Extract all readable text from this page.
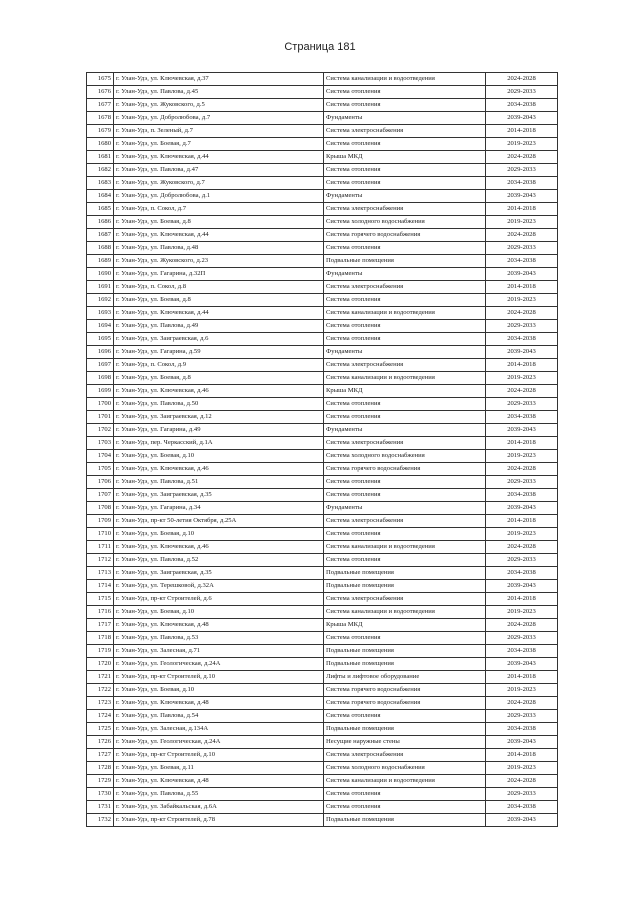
Страница 181
1675	г. Улан-Удэ, ул. Ключевская, д.37	Система канализации и водоотведения	2024-2028
1676	г. Улан-Удэ, ул. Павлова, д.45	Система отопления	2029-2033
1677	г. Улан-Удэ, ул. Жуковского, д.5	Система отопления	2034-2038
1678	г. Улан-Удэ, ул. Добролюбова, д.7	Фундаменты	2039-2043
1679	г. Улан-Удэ, п. Зеленый, д.7	Система электроснабжения	2014-2018
1680	г. Улан-Удэ, ул. Боевая, д.7	Система отопления	2019-2023
1681	г. Улан-Удэ, ул. Ключевская, д.44	Крыша МКД	2024-2028
1682	г. Улан-Удэ, ул. Павлова, д.47	Система отопления	2029-2033
1683	г. Улан-Удэ, ул. Жуковского, д.7	Система отопления	2034-2038
1684	г. Улан-Удэ, ул. Добролюбова, д.1	Фундаменты	2039-2043
1685	г. Улан-Удэ, п. Сокол, д.7	Система электроснабжения	2014-2018
1686	г. Улан-Удэ, ул. Боевая, д.8	Система холодного водоснабжения	2019-2023
1687	г. Улан-Удэ, ул. Ключевская, д.44	Система горячего водоснабжения	2024-2028
1688	г. Улан-Удэ, ул. Павлова, д.48	Система отопления	2029-2033
1689	г. Улан-Удэ, ул. Жуковского, д.23	Подвальные помещения	2034-2038
1690	г. Улан-Удэ, ул. Гагарина, д.32П	Фундаменты	2039-2043
1691	г. Улан-Удэ, п. Сокол, д.8	Система электроснабжения	2014-2018
1692	г. Улан-Удэ, ул. Боевая, д.8	Система отопления	2019-2023
1693	г. Улан-Удэ, ул. Ключевская, д.44	Система канализации и водоотведения	2024-2028
1694	г. Улан-Удэ, ул. Павлова, д.49	Система отопления	2029-2033
1695	г. Улан-Удэ, ул. Заиграевская, д.6	Система отопления	2034-2038
1696	г. Улан-Удэ, ул. Гагарина, д.59	Фундаменты	2039-2043
1697	г. Улан-Удэ, п. Сокол, д.9	Система электроснабжения	2014-2018
1698	г. Улан-Удэ, ул. Боевая, д.8	Система канализации и водоотведения	2019-2023
1699	г. Улан-Удэ, ул. Ключевская, д.46	Крыша МКД	2024-2028
1700	г. Улан-Удэ, ул. Павлова, д.50	Система отопления	2029-2033
1701	г. Улан-Удэ, ул. Заиграевская, д.12	Система отопления	2034-2038
1702	г. Улан-Удэ, ул. Гагарина, д.49	Фундаменты	2039-2043
1703	г. Улан-Удэ, пер. Черкасский, д.1А	Система электроснабжения	2014-2018
1704	г. Улан-Удэ, ул. Боевая, д.10	Система холодного водоснабжения	2019-2023
1705	г. Улан-Удэ, ул. Ключевская, д.46	Система горячего водоснабжения	2024-2028
1706	г. Улан-Удэ, ул. Павлова, д.51	Система отопления	2029-2033
1707	г. Улан-Удэ, ул. Заиграевская, д.35	Система отопления	2034-2038
1708	г. Улан-Удэ, ул. Гагарина, д.34	Фундаменты	2039-2043
1709	г. Улан-Удэ, пр-кт 50-летия Октября, д.25А	Система электроснабжения	2014-2018
1710	г. Улан-Удэ, ул. Боевая, д.10	Система отопления	2019-2023
1711	г. Улан-Удэ, ул. Ключевская, д.46	Система канализации и водоотведения	2024-2028
1712	г. Улан-Удэ, ул. Павлова, д.52	Система отопления	2029-2033
1713	г. Улан-Удэ, ул. Заиграевская, д.35	Подвальные помещения	2034-2038
1714	г. Улан-Удэ, ул. Терешковой, д.32А	Подвальные помещения	2039-2043
1715	г. Улан-Удэ, пр-кт Строителей, д.6	Система электроснабжения	2014-2018
1716	г. Улан-Удэ, ул. Боевая, д.10	Система канализации и водоотведения	2019-2023
1717	г. Улан-Удэ, ул. Ключевская, д.48	Крыша МКД	2024-2028
1718	г. Улан-Удэ, ул. Павлова, д.53	Система отопления	2029-2033
1719	г. Улан-Удэ, ул. Залесная, д.71	Подвальные помещения	2034-2038
1720	г. Улан-Удэ, ул. Геологическая, д.24А	Подвальные помещения	2039-2043
1721	г. Улан-Удэ, пр-кт Строителей, д.10	Лифты и лифтовое оборудование	2014-2018
1722	г. Улан-Удэ, ул. Боевая, д.10	Система горячего водоснабжения	2019-2023
1723	г. Улан-Удэ, ул. Ключевская, д.48	Система горячего водоснабжения	2024-2028
1724	г. Улан-Удэ, ул. Павлова, д.54	Система отопления	2029-2033
1725	г. Улан-Удэ, ул. Залесная, д.134А	Подвальные помещения	2034-2038
1726	г. Улан-Удэ, ул. Геологическая, д.24А	Несущие наружные стены	2039-2043
1727	г. Улан-Удэ, пр-кт Строителей, д.10	Система электроснабжения	2014-2018
1728	г. Улан-Удэ, ул. Боевая, д.11	Система холодного водоснабжения	2019-2023
1729	г. Улан-Удэ, ул. Ключевская, д.48	Система канализации и водоотведения	2024-2028
1730	г. Улан-Удэ, ул. Павлова, д.55	Система отопления	2029-2033
1731	г. Улан-Удэ, ул. Забайкальская, д.6А	Система отопления	2034-2038
1732	г. Улан-Удэ, пр-кт Строителей, д.78	Подвальные помещения	2039-2043
